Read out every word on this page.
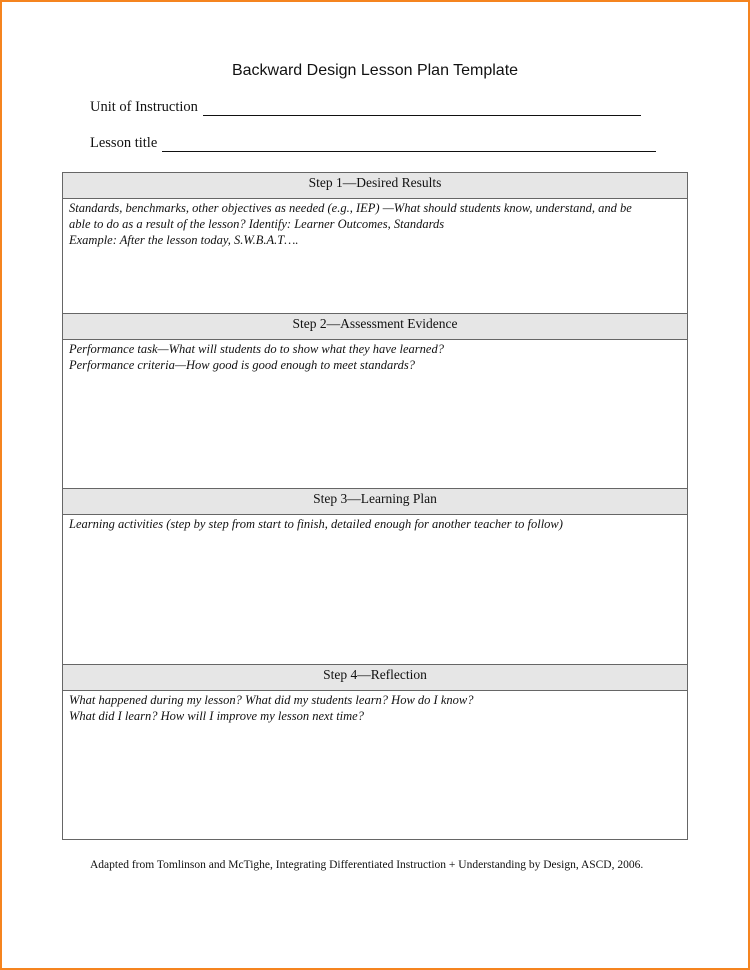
Backward Design Lesson Plan Template
Unit of Instruction
Lesson title
Step 1—Desired Results
Standards, benchmarks, other objectives as needed (e.g., IEP) —What should students know, understand, and be
able to do as a result of the lesson? Identify: Learner Outcomes, Standards
Example: After the lesson today, S.W.B.A.T….
Step 2—Assessment Evidence
Performance task—What will students do to show what they have learned?
Performance criteria—How good is good enough to meet standards?
Step 3—Learning Plan
Learning activities (step by step from start to finish, detailed enough for another teacher to follow)
Step 4—Reflection
What happened during my lesson? What did my students learn? How do I know?
What did I learn? How will I improve my lesson next time?
Adapted from Tomlinson and McTighe, Integrating Differentiated Instruction + Understanding by Design, ASCD, 2006.
